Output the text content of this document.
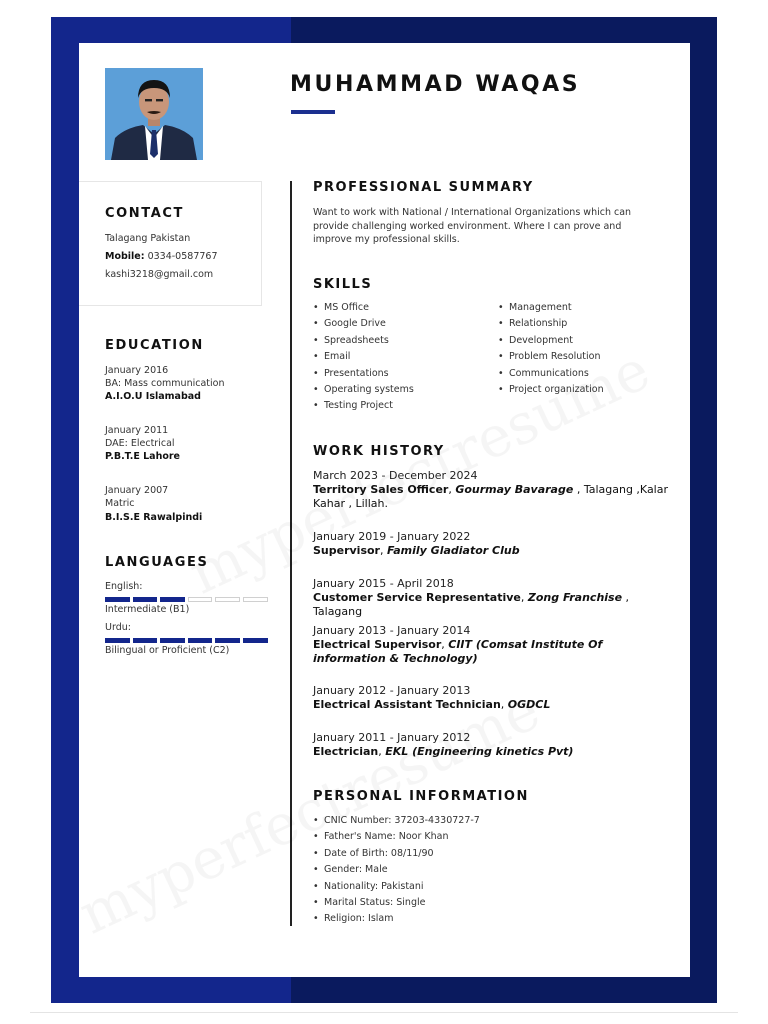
CONTACT

Talagang Pakistan

Mobile: 0334-0587767

kashi3218@gmail.com

EDUCATION

January 2016

BA: Mass communication

A.I.O.U Islamabad

January 2011

DAE: Electrical

P.B.T.E Lahore

January 2007

Matric

B.I.S.E Rawalpindi

LANGUAGES

English:

Intermediate (B1)

Urdu:

Bilingual or Proficient (C2)

MUHAMMAD WAQAS
PROFESSIONAL SUMMARY

Want to work with National / International Organizations which can provide challenging worked environment. Where I can prove and improve my professional skills.

SKILLS
• MS Office
• Google Drive
• Spreadsheets
• Email
• Presentations
• Operating systems
• Testing Project
• Management
• Relationship
• Development
• Problem Resolution
• Communications
• Project organization
WORK HISTORY
March 2023 - December 2024
Territory Sales Officer, Gourmay Bavarage , Talagang ,Kalar Kahar , Lillah.
January 2019 - January 2022
Supervisor, Family Gladiator Club
January 2015 - April 2018
Customer Service Representative, Zong Franchise , Talagang
January 2013 - January 2014
Electrical Supervisor, CIIT (Comsat Institute Of information & Technology)
January 2012 - January 2013
Electrical Assistant Technician, OGDCL
January 2011 - January 2012
Electrician, EKL (Engineering kinetics Pvt)
PERSONAL INFORMATION
• CNIC Number: 37203-4330727-7
• Father's Name: Noor Khan
• Date of Birth: 08/11/90
• Gender: Male
• Nationality: Pakistani
• Marital Status: Single
• Religion: Islam
